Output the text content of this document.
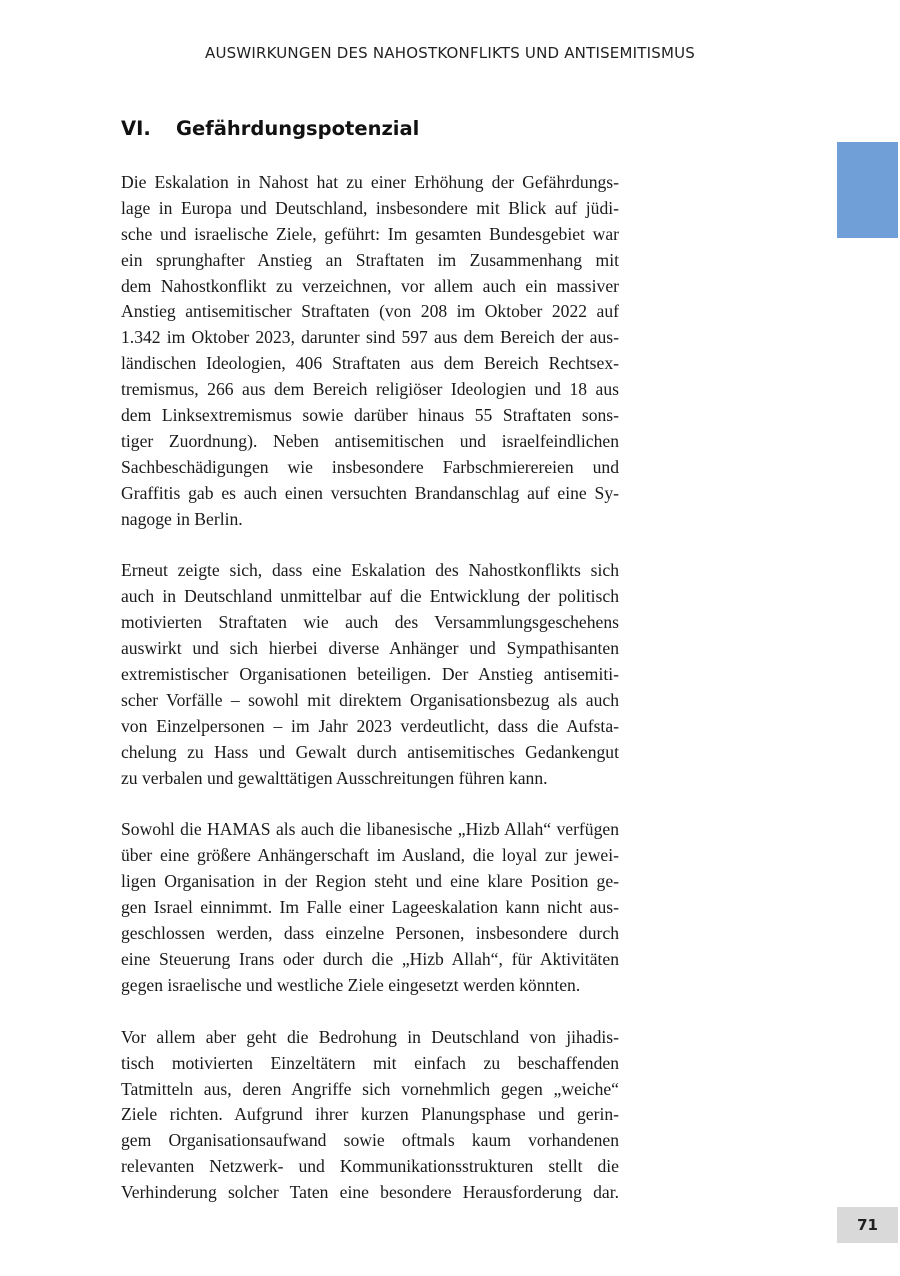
AUSWIRKUNGEN DES NAHOSTKONFLIKTS UND ANTISEMITISMUS
VI. Gefährdungspotenzial
Die Eskalation in Nahost hat zu einer Erhöhung der Gefährdungs-
lage in Europa und Deutschland, insbesondere mit Blick auf jüdi-
sche und israelische Ziele, geführt: Im gesamten Bundesgebiet war
ein sprunghafter Anstieg an Straftaten im Zusammenhang mit
dem Nahostkonflikt zu verzeichnen, vor allem auch ein massiver
Anstieg antisemitischer Straftaten (von 208 im Oktober 2022 auf
1.342 im Oktober 2023, darunter sind 597 aus dem Bereich der aus-
ländischen Ideologien, 406 Straftaten aus dem Bereich Rechtsex-
tremismus, 266 aus dem Bereich religiöser Ideologien und 18 aus
dem Linksextremismus sowie darüber hinaus 55 Straftaten sons-
tiger Zuordnung). Neben antisemitischen und israelfeindlichen
Sachbeschädigungen wie insbesondere Farbschmierereien und
Graffitis gab es auch einen versuchten Brandanschlag auf eine Sy-
nagoge in Berlin.
Erneut zeigte sich, dass eine Eskalation des Nahostkonflikts sich
auch in Deutschland unmittelbar auf die Entwicklung der politisch
motivierten Straftaten wie auch des Versammlungsgeschehens
auswirkt und sich hierbei diverse Anhänger und Sympathisanten
extremistischer Organisationen beteiligen. Der Anstieg antisemiti-
scher Vorfälle – sowohl mit direktem Organisationsbezug als auch
von Einzelpersonen – im Jahr 2023 verdeutlicht, dass die Aufsta-
chelung zu Hass und Gewalt durch antisemitisches Gedankengut
zu verbalen und gewalttätigen Ausschreitungen führen kann.
Sowohl die HAMAS als auch die libanesische „Hizb Allah“ verfügen
über eine größere Anhängerschaft im Ausland, die loyal zur jewei-
ligen Organisation in der Region steht und eine klare Position ge-
gen Israel einnimmt. Im Falle einer Lageeskalation kann nicht aus-
geschlossen werden, dass einzelne Personen, insbesondere durch
eine Steuerung Irans oder durch die „Hizb Allah“, für Aktivitäten
gegen israelische und westliche Ziele eingesetzt werden könnten.
Vor allem aber geht die Bedrohung in Deutschland von jihadis-
tisch motivierten Einzeltätern mit einfach zu beschaffenden
Tatmitteln aus, deren Angriffe sich vornehmlich gegen „weiche“
Ziele richten. Aufgrund ihrer kurzen Planungsphase und gerin-
gem Organisationsaufwand sowie oftmals kaum vorhandenen
relevanten Netzwerk- und Kommunikationsstrukturen stellt die
Verhinderung solcher Taten eine besondere Herausforderung dar.
71
